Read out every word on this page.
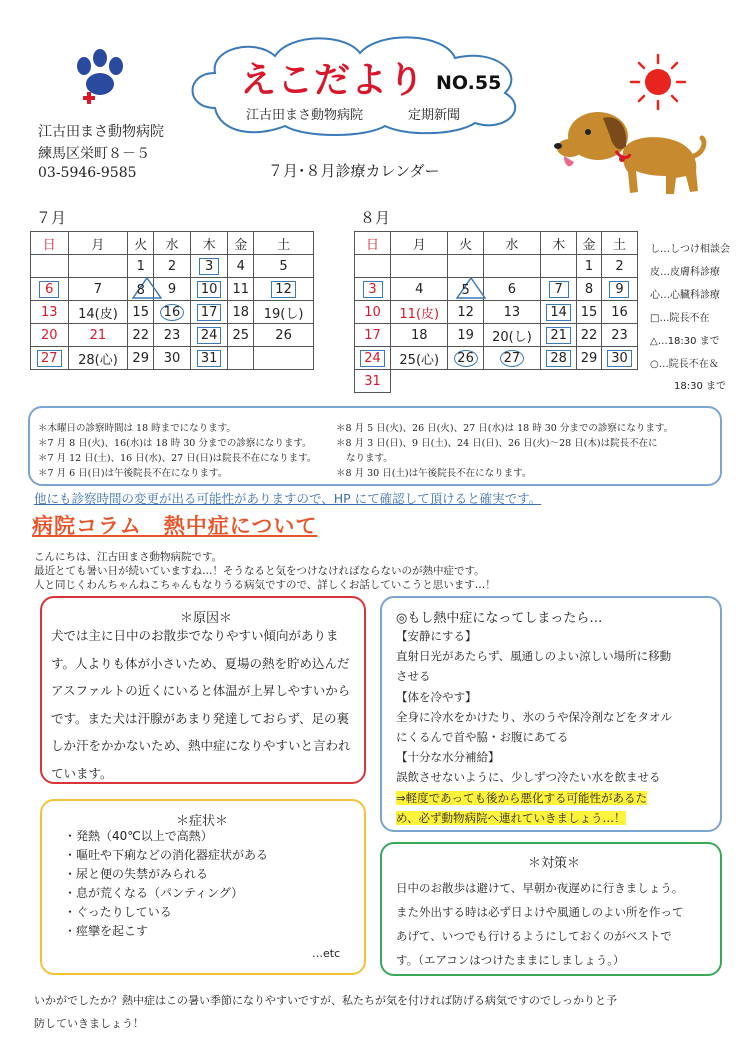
えこだより NO.55
江古田まさ動物病院	定期新聞
江古田まさ動物病院
練馬区栄町８－５
03-5946-9585	７月･８月診療カレンダー
７月
日	月	火	水	木	金	土
		1	2	3	4	5
6	7	8	9	10	11	12
13	14(皮)	15	16	17	18	19(し)
20	21	22	23	24	25	26
27	28(心)	29	30	31		
８月
日	月	火	水	木	金	土
					1	2
3	4	5	6	7	8	9
10	11(皮)	12	13	14	15	16
17	18	19	20(し)	21	22	23
24	25(心)	26	27	28	29	30
31						
し…しつけ相談会
皮…皮膚科診療
心…心臓科診療
□…院長不在
△…18:30 まで
○…院長不在＆
18:30 まで
＊木曜日の診察時間は 18 時までになります。
＊7 月 8 日(火)、16(水)は 18 時 30 分までの診察になります。
＊7 月 12 日(土)、16 日(水)、27 日(日)は院長不在になります。
＊7 月 6 日(日)は午後院長不在になります。
＊8 月 5 日(火)、26 日(火)、27 日(水)は 18 時 30 分までの診察になります。
＊8 月 3 日(日)、9 日(土)、24 日(日)、26 日(火)～28 日(木)は院長不在に
なります。
＊8 月 30 日(土)は午後院長不在になります。
他にも診察時間の変更が出る可能性がありますので、HP にて確認して頂けると確実です。
病院コラム　熱中症について
こんにちは、江古田まさ動物病院です。
最近とても暑い日が続いていますね…！そうなると気をつけなければならないのが熱中症です。
人と同じくわんちゃんねこちゃんもなりうる病気ですので、詳しくお話していこうと思います…！
＊原因＊
犬では主に日中のお散歩でなりやすい傾向がありま
す。人よりも体が小さいため、夏場の熱を貯め込んだ
アスファルトの近くにいると体温が上昇しやすいから
です。また犬は汗腺があまり発達しておらず、足の裏
しか汗をかかないため、熱中症になりやすいと言われ
ています。
＊症状＊
・発熱（40℃以上で高熱）
・嘔吐や下痢などの消化器症状がある
・尿と便の失禁がみられる
・息が荒くなる（パンティング）
・ぐったりしている
・痙攣を起こす
…etc
◎もし熱中症になってしまったら…
【安静にする】
直射日光があたらず、風通しのよい涼しい場所に移動
させる
【体を冷やす】
全身に冷水をかけたり、氷のうや保冷剤などをタオル
にくるんで首や脇・お腹にあてる
【十分な水分補給】
誤飲させないように、少しずつ冷たい水を飲ませる
⇒軽度であっても後から悪化する可能性があるた
め、必ず動物病院へ連れていきましょう…！
＊対策＊
日中のお散歩は避けて、早朝か夜遅めに行きましょう。
また外出する時は必ず日よけや風通しのよい所を作って
あげて、いつでも行けるようにしておくのがベストで
す。（エアコンはつけたままにしましょう。）
いかがでしたか？熱中症はこの暑い季節になりやすいですが、私たちが気を付ければ防げる病気ですのでしっかりと予
防していきましょう！
